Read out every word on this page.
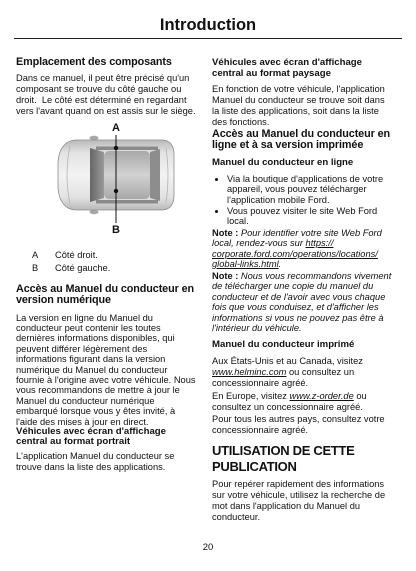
Introduction
Emplacement des composants
Dans ce manuel, il peut être précisé qu'un
composant se trouve du côté gauche ou
droit.  Le côté est déterminé en regardant
vers l'avant quand on est assis sur le siège.
A
B
A Côté droit.
B Côté gauche.
Accès au Manuel du conducteur en
version numérique
La version en ligne du Manuel du
conducteur peut contenir les toutes
dernières informations disponibles, qui
peuvent différer légèrement des
informations figurant dans la version
numérique du Manuel du conducteur
fournie à l'origine avec votre véhicule. Nous
vous recommandons de mettre à jour le
Manuel du conducteur numérique
embarqué lorsque vous y êtes invité, à
l'aide des mises à jour en direct.
Véhicules avec écran d'affichage
central au format portrait
L'application Manuel du conducteur se
trouve dans la liste des applications.
Véhicules avec écran d'affichage
central au format paysage
En fonction de votre véhicule, l'application
Manuel du conducteur se trouve soit dans
la liste des applications, soit dans la liste
des fonctions.
Accès au Manuel du conducteur en
ligne et à sa version imprimée
Manuel du conducteur en ligne
Via la boutique d'applications de votre
appareil, vous pouvez télécharger
l'application mobile Ford.
Vous pouvez visiter le site Web Ford
local.
Note : Pour identifier votre site Web Ford
local, rendez-vous sur https://
corporate.ford.com/operations/locations/
global-links.html.
Note : Nous vous recommandons vivement
de télécharger une copie du manuel du
conducteur et de l'avoir avec vous chaque
fois que vous conduisez, et d'afficher les
informations si vous ne pouvez pas être à
l'intérieur du véhicule.
Manuel du conducteur imprimé
Aux États-Unis et au Canada, visitez
www.helminc.com ou consultez un
concessionnaire agréé.
En Europe, visitez www.z-order.de ou
consultez un concessionnaire agréé.
Pour tous les autres pays, consultez votre
concessionnaire agréé.
UTILISATION DE CETTE
PUBLICATION
Pour repérer rapidement des informations
sur votre véhicule, utilisez la recherche de
mot dans l'application du Manuel du
conducteur.
20
